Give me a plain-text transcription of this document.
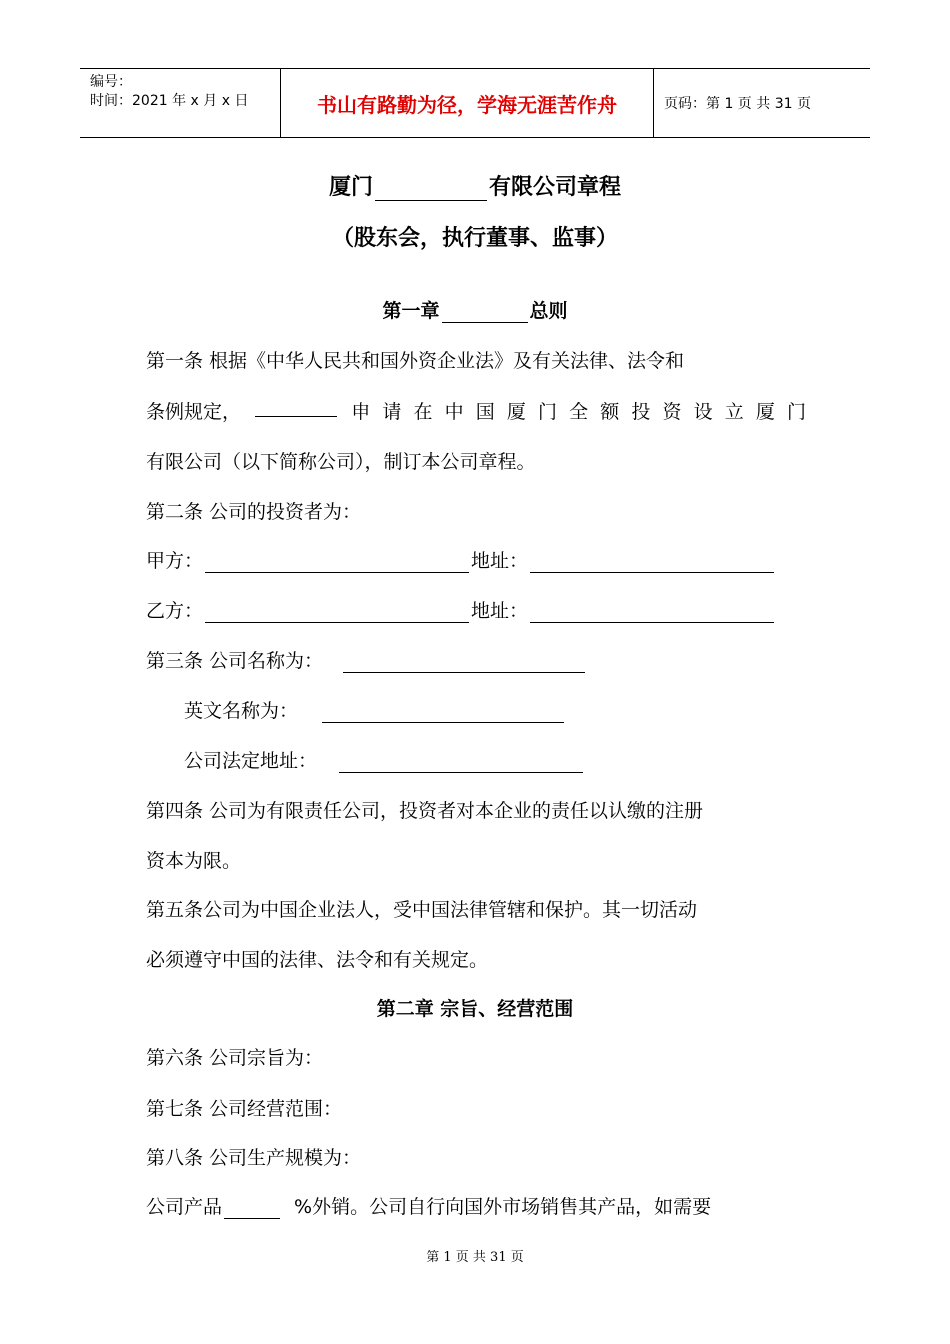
编号：
时间：2021 年 x 月 x 日	书山有路勤为径，学海无涯苦作舟	页码：第 1 页 共 31 页
厦门	有限公司章程
（股东会，执行董事、监事）
第一章	总则
第一条 根据《中华人民共和国外资企业法》及有关法律、法令和
条例规定，	申 请 在 中 国 厦 门 全 额 投 资 设 立 厦 门
有限公司（以下简称公司），制订本公司章程。
第二条 公司的投资者为：
甲方：	地址：
乙方：	地址：
第三条 公司名称为：
英文名称为：
公司法定地址：
第四条 公司为有限责任公司，投资者对本企业的责任以认缴的注册
资本为限。
第五条公司为中国企业法人，受中国法律管辖和保护。其一切活动
必须遵守中国的法律、法令和有关规定。
第二章 宗旨、经营范围
第六条 公司宗旨为：
第七条 公司经营范围：
第八条 公司生产规模为：
公司产品	%外销。公司自行向国外市场销售其产品，如需要
第 1 页 共 31 页
